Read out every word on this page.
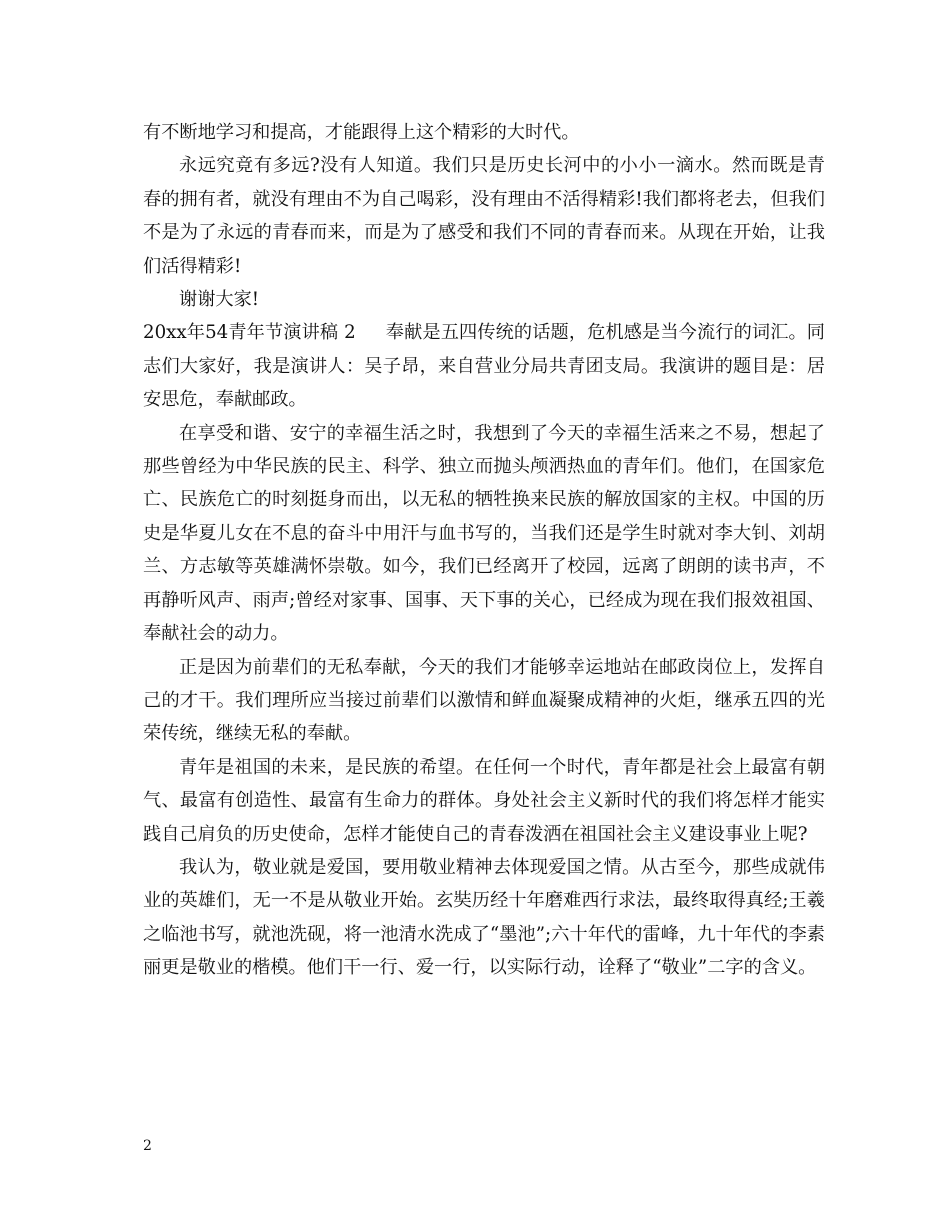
有不断地学习和提高，才能跟得上这个精彩的大时代。

永远究竟有多远?没有人知道。我们只是历史长河中的小小一滴水。然而既是青春的拥有者，就没有理由不为自己喝彩，没有理由不活得精彩!我们都将老去，但我们不是为了永远的青春而来，而是为了感受和我们不同的青春而来。从现在开始，让我们活得精彩!

谢谢大家!

20xx年54青年节演讲稿 2 奉献是五四传统的话题，危机感是当今流行的词汇。同志们大家好，我是演讲人：吴子昂，来自营业分局共青团支局。我演讲的题目是：居安思危，奉献邮政。

在享受和谐、安宁的幸福生活之时，我想到了今天的幸福生活来之不易，想起了那些曾经为中华民族的民主、科学、独立而抛头颅洒热血的青年们。他们，在国家危亡、民族危亡的时刻挺身而出，以无私的牺牲换来民族的解放国家的主权。中国的历史是华夏儿女在不息的奋斗中用汗与血书写的，当我们还是学生时就对李大钊、刘胡兰、方志敏等英雄满怀崇敬。如今，我们已经离开了校园，远离了朗朗的读书声，不再静听风声、雨声;曾经对家事、国事、天下事的关心，已经成为现在我们报效祖国、奉献社会的动力。

正是因为前辈们的无私奉献，今天的我们才能够幸运地站在邮政岗位上，发挥自己的才干。我们理所应当接过前辈们以激情和鲜血凝聚成精神的火炬，继承五四的光荣传统，继续无私的奉献。

青年是祖国的未来，是民族的希望。在任何一个时代，青年都是社会上最富有朝气、最富有创造性、最富有生命力的群体。身处社会主义新时代的我们将怎样才能实践自己肩负的历史使命，怎样才能使自己的青春泼洒在祖国社会主义建设事业上呢?

我认为，敬业就是爱国，要用敬业精神去体现爱国之情。从古至今，那些成就伟业的英雄们，无一不是从敬业开始。玄奘历经十年磨难西行求法，最终取得真经;王羲之临池书写，就池洗砚，将一池清水洗成了“墨池”;六十年代的雷峰，九十年代的李素丽更是敬业的楷模。他们干一行、爱一行，以实际行动，诠释了“敬业”二字的含义。

2
